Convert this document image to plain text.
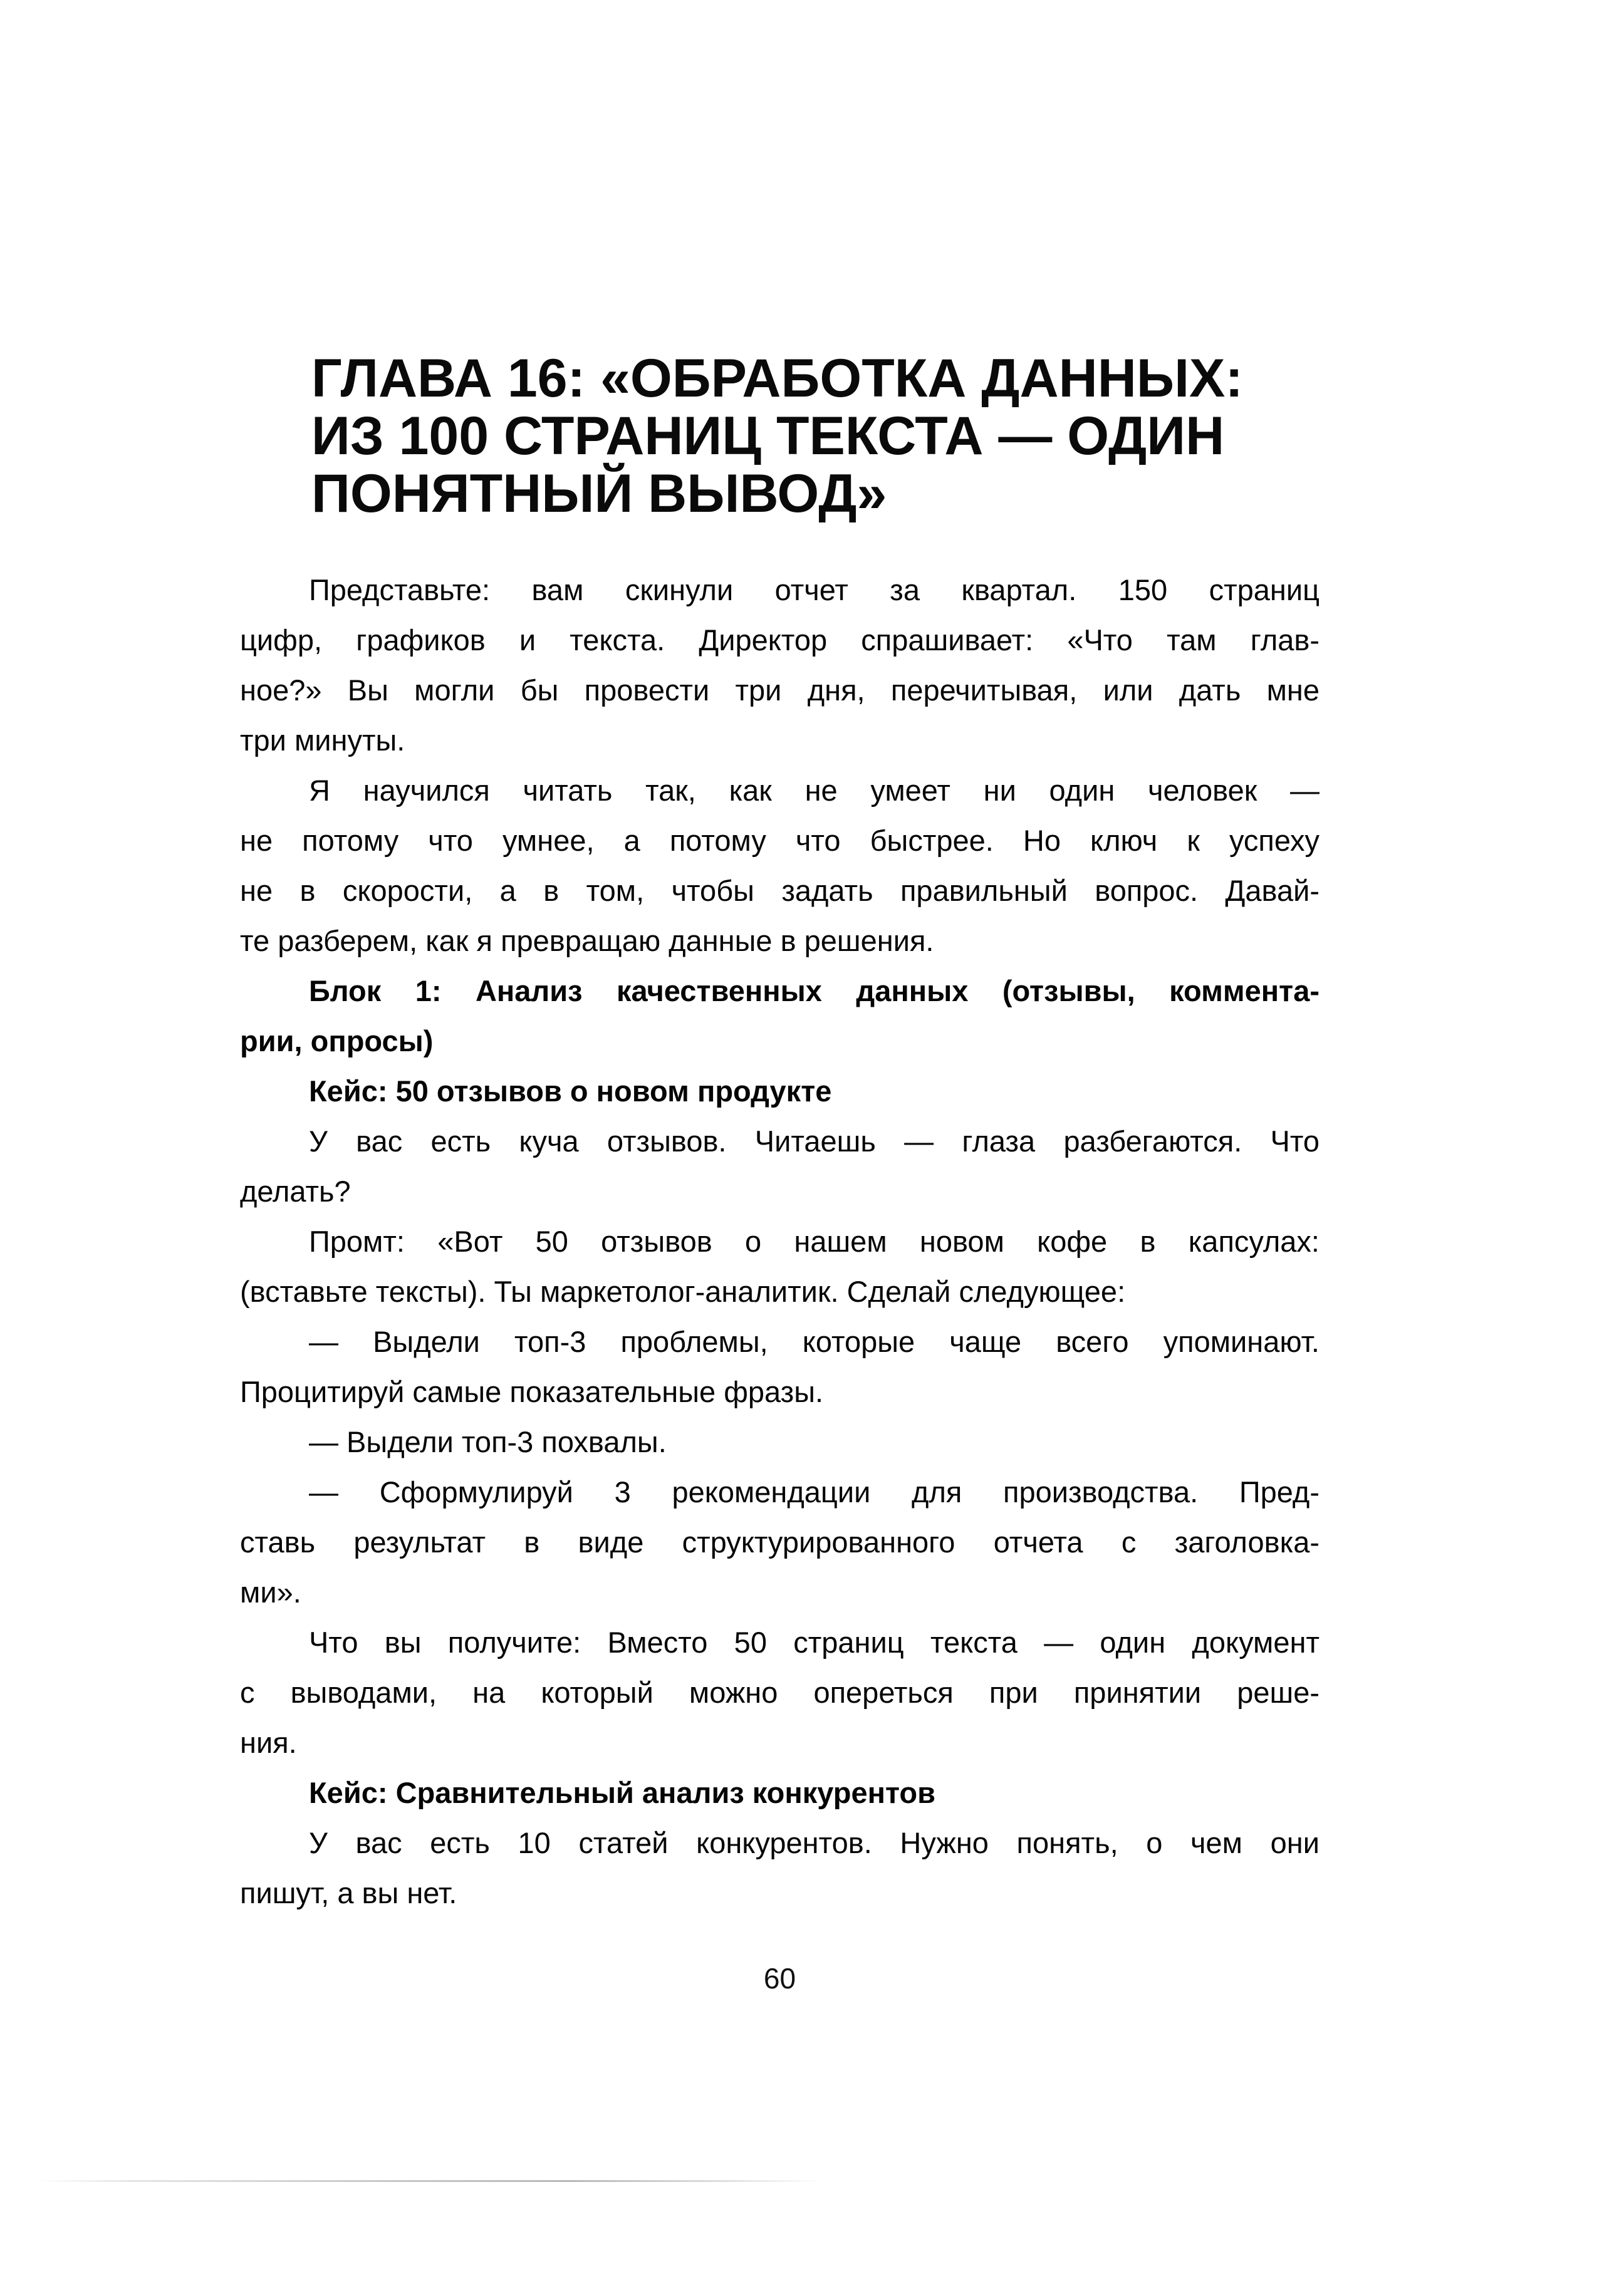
ГЛАВА 16: «ОБРАБОТКА ДАННЫХ:
ИЗ 100 СТРАНИЦ ТЕКСТА — ОДИН
ПОНЯТНЫЙ ВЫВОД»
Представьте: вам скинули отчет за квартал. 150 страниц
цифр, графиков и текста. Директор спрашивает: «Что там глав-
ное?» Вы могли бы провести три дня, перечитывая, или дать мне
три минуты.
Я научился читать так, как не умеет ни один человек —
не потому что умнее, а потому что быстрее. Но ключ к успеху
не в скорости, а в том, чтобы задать правильный вопрос. Давай-
те разберем, как я превращаю данные в решения.
Блок 1: Анализ качественных данных (отзывы, коммента-
рии, опросы)
Кейс: 50 отзывов о новом продукте
У вас есть куча отзывов. Читаешь — глаза разбегаются. Что
делать?
Промт: «Вот 50 отзывов о нашем новом кофе в капсулах:
(вставьте тексты). Ты маркетолог-аналитик. Сделай следующее:
— Выдели топ-3 проблемы, которые чаще всего упоминают.
Процитируй самые показательные фразы.
— Выдели топ-3 похвалы.
— Сформулируй 3 рекомендации для производства. Пред-
ставь результат в виде структурированного отчета с заголовка-
ми».
Что вы получите: Вместо 50 страниц текста — один документ
с выводами, на который можно опереться при принятии реше-
ния.
Кейс: Сравнительный анализ конкурентов
У вас есть 10 статей конкурентов. Нужно понять, о чем они
пишут, а вы нет.
60
